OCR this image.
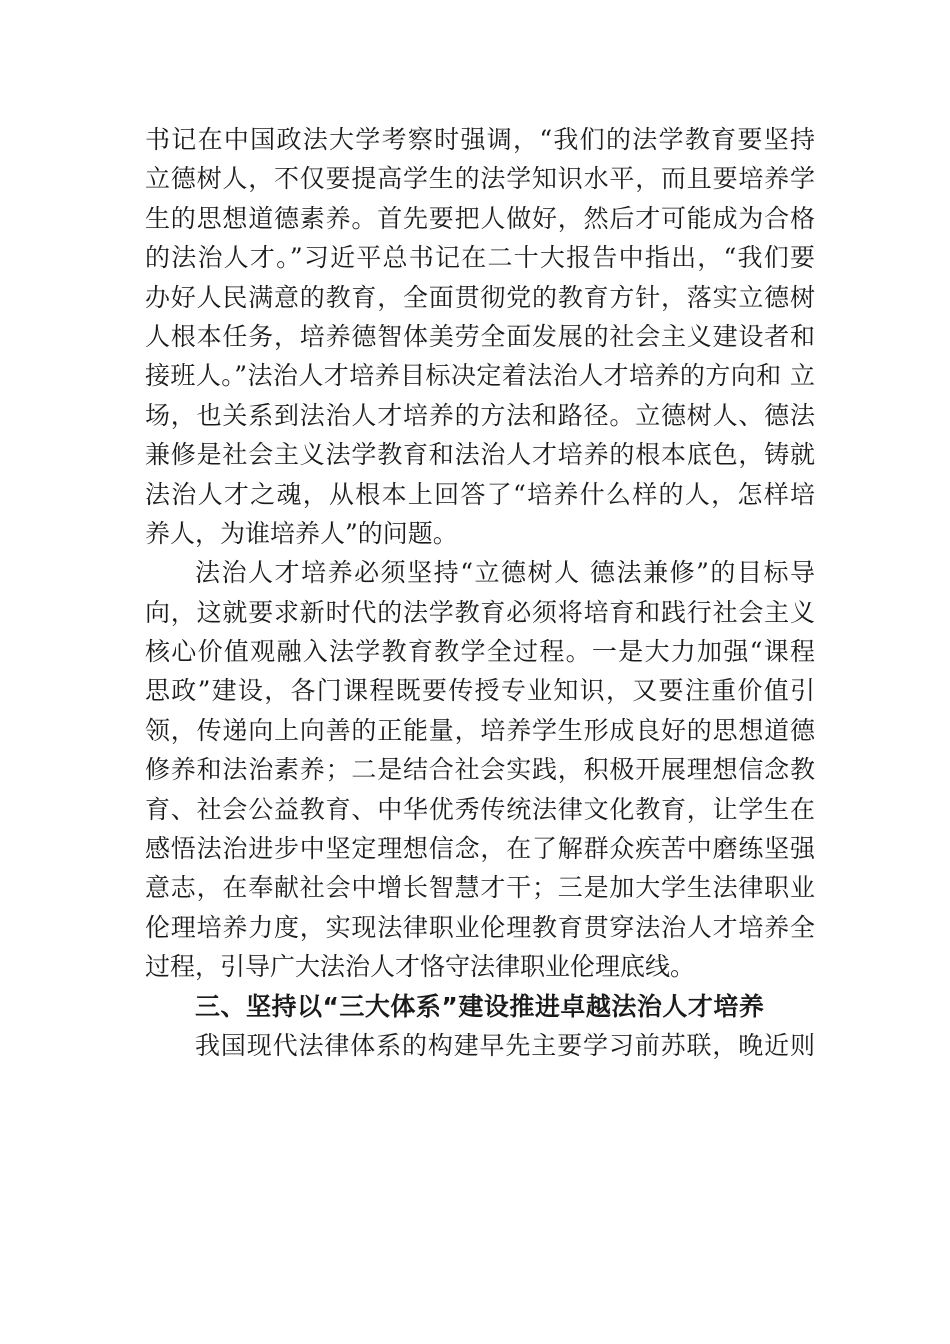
书记在中国政法大学考察时强调，“我们的法学教育要坚持
立德树人，不仅要提高学生的法学知识水平，而且要培养学
生的思想道德素养。首先要把人做好，然后才可能成为合格
的法治人才。”习近平总书记在二十大报告中指出，“我们要
办好人民满意的教育，全面贯彻党的教育方针，落实立德树
人根本任务，培养德智体美劳全面发展的社会主义建设者和
接班人。”法治人才培养目标决定着法治人才培养的方向和 立
场，也关系到法治人才培养的方法和路径。立德树人、德法
兼修是社会主义法学教育和法治人才培养的根本底色，铸就
法治人才之魂，从根本上回答了“培养什么样的人，怎样培
养人，为谁培养人”的问题。
法治人才培养必须坚持“立德树人 德法兼修”的目标导
向，这就要求新时代的法学教育必须将培育和践行社会主义
核心价值观融入法学教育教学全过程。一是大力加强“课程
思政”建设，各门课程既要传授专业知识，又要注重价值引
领，传递向上向善的正能量，培养学生形成良好的思想道德
修养和法治素养；二是结合社会实践，积极开展理想信念教
育、社会公益教育、中华优秀传统法律文化教育，让学生在
感悟法治进步中坚定理想信念，在了解群众疾苦中磨练坚强
意志，在奉献社会中增长智慧才干；三是加大学生法律职业
伦理培养力度，实现法律职业伦理教育贯穿法治人才培养全
过程，引导广大法治人才恪守法律职业伦理底线。
三、坚持以“三大体系”建设推进卓越法治人才培养
我国现代法律体系的构建早先主要学习前苏联，晚近则
